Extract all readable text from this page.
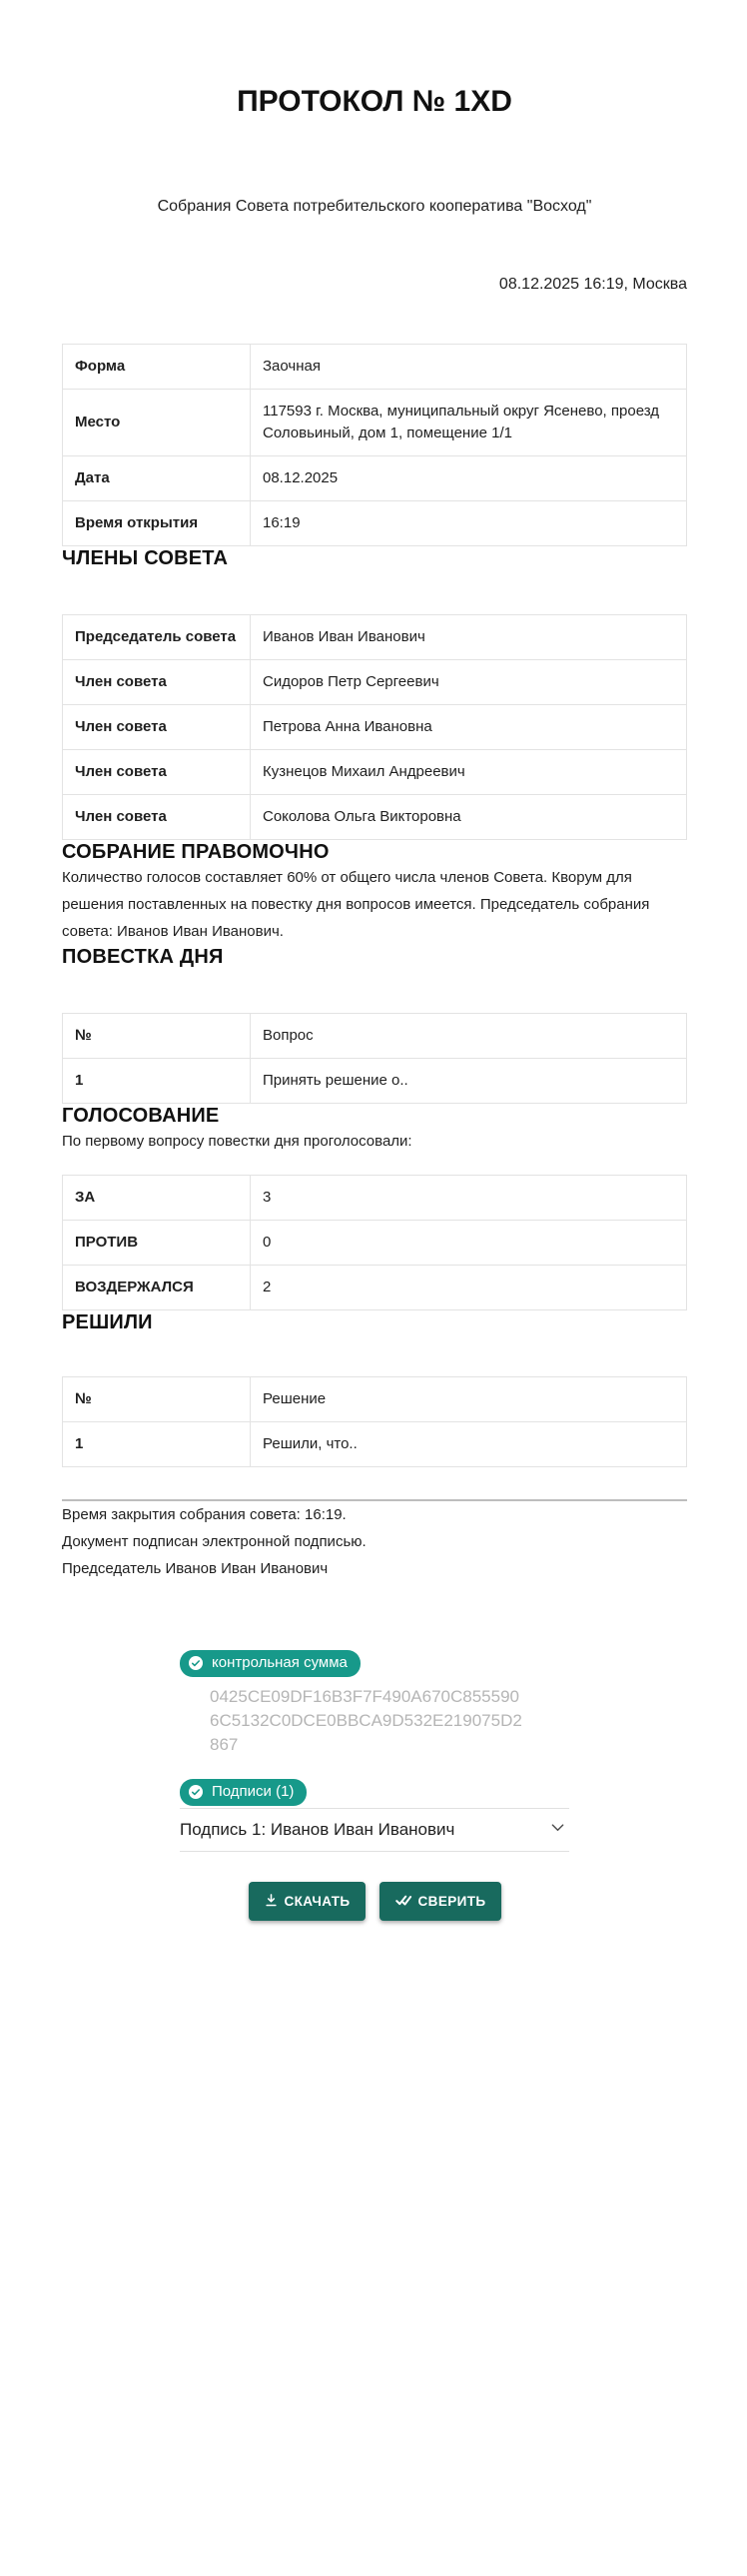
ПРОТОКОЛ № 1XD
Собрания Совета потребительского кооператива "Восход"
08.12.2025 16:19, Москва
Форма	Заочная
Место	117593 г. Москва, муниципальный округ Ясенево, проезд Соловьиный, дом 1, помещение 1/1
Дата	08.12.2025
Время открытия	16:19
ЧЛЕНЫ СОВЕТА
Председатель совета	Иванов Иван Иванович
Член совета	Сидоров Петр Сергеевич
Член совета	Петрова Анна Ивановна
Член совета	Кузнецов Михаил Андреевич
Член совета	Соколова Ольга Викторовна
СОБРАНИЕ ПРАВОМОЧНО

Количество голосов составляет 60% от общего числа членов Совета. Кворум для решения поставленных на повестку дня вопросов имеется. Председатель собрания совета: Иванов Иван Иванович.

ПОВЕСТКА ДНЯ
№	Вопрос
1	Принять решение о..
ГОЛОСОВАНИЕ

По первому вопросу повестки дня проголосовали:

ЗА	3
ПРОТИВ	0
ВОЗДЕРЖАЛСЯ	2
РЕШИЛИ
№	Решение
1	Решили, что..

Время закрытия собрания совета: 16:19.

Документ подписан электронной подписью.

Председатель Иванов Иван Иванович

контрольная сумма
0425CE09DF16B3F7F490A670C855590
6C5132C0DCE0BBCA9D532E219075D2
867
Подписи (1)
Подпись 1: Иванов Иван Иванович
СКАЧАТЬ	СВЕРИТЬ
